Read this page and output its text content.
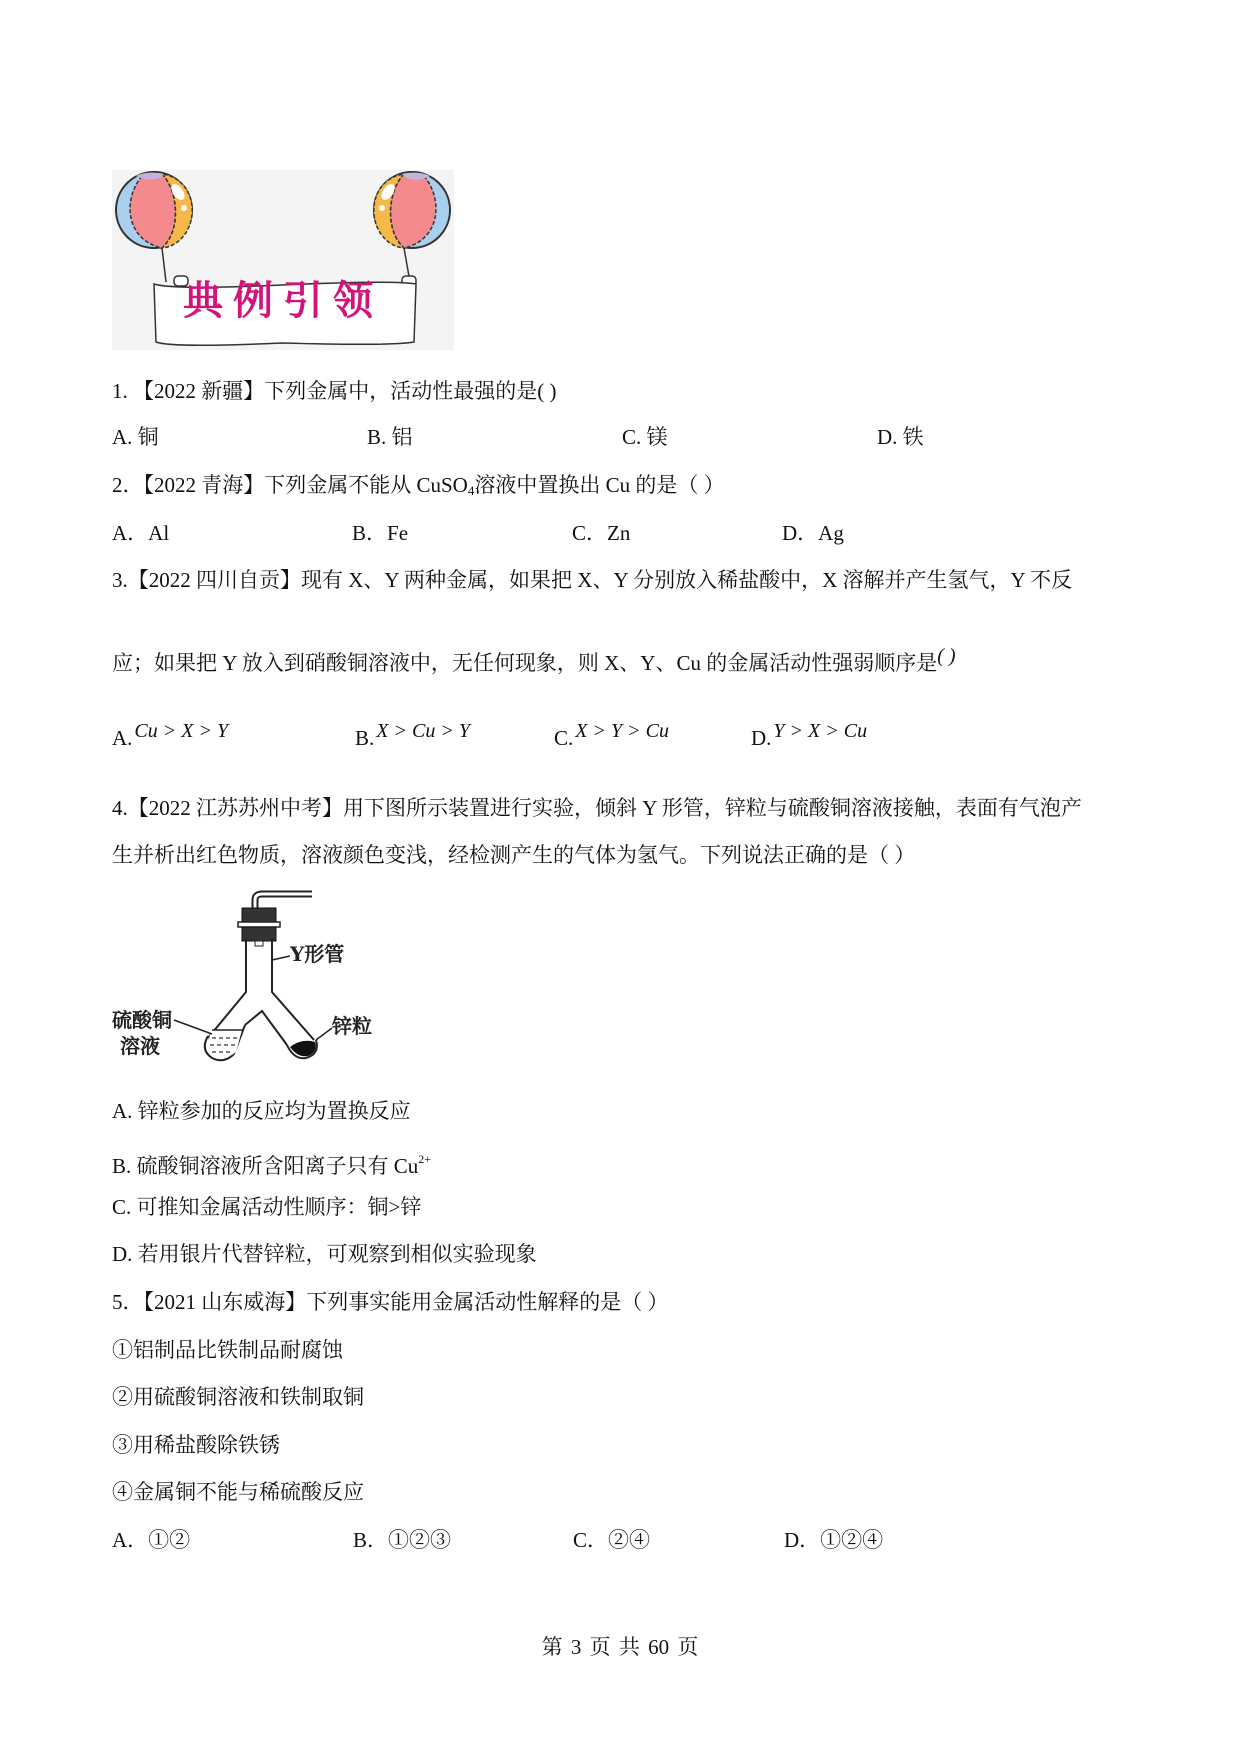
典例引领
1. 【2022 新疆】下列金属中，活动性最强的是( )
A. 铜	B. 铝	C. 镁	D. 铁
2．【2022 青海】下列金属不能从 CuSO$_4$溶液中置换出 Cu 的是（ ）
A．Al	B．Fe	C．Zn	D．Ag
3.【2022 四川自贡】现有 X、Y 两种金属，如果把 X、Y 分别放入稀盐酸中，X 溶解并产生氢气，Y 不反
应；如果把 Y 放入到硝酸铜溶液中，无任何现象，则 X、Y、Cu 的金属活动性强弱顺序是( )
A. Cu > X > Y	B. X > Cu > Y	C. X > Y > Cu	D. Y > X > Cu
4.【2022 江苏苏州中考】用下图所示装置进行实验，倾斜 Y 形管，锌粒与硫酸铜溶液接触，表面有气泡产
生并析出红色物质，溶液颜色变浅，经检测产生的气体为氢气。下列说法正确的是（ ）
Y形管
硫酸铜
溶液
锌粒
A. 锌粒参加的反应均为置换反应
B. 硫酸铜溶液所含阳离子只有 $Cu^{2+}$
C. 可推知金属活动性顺序：铜>锌
D. 若用银片代替锌粒，可观察到相似实验现象
5．【2021 山东威海】下列事实能用金属活动性解释的是（ ）
①铝制品比铁制品耐腐蚀
②用硫酸铜溶液和铁制取铜
③用稀盐酸除铁锈
④金属铜不能与稀硫酸反应
A．①②	B．①②③	C．②④	D．①②④
第 3 页 共 60 页
